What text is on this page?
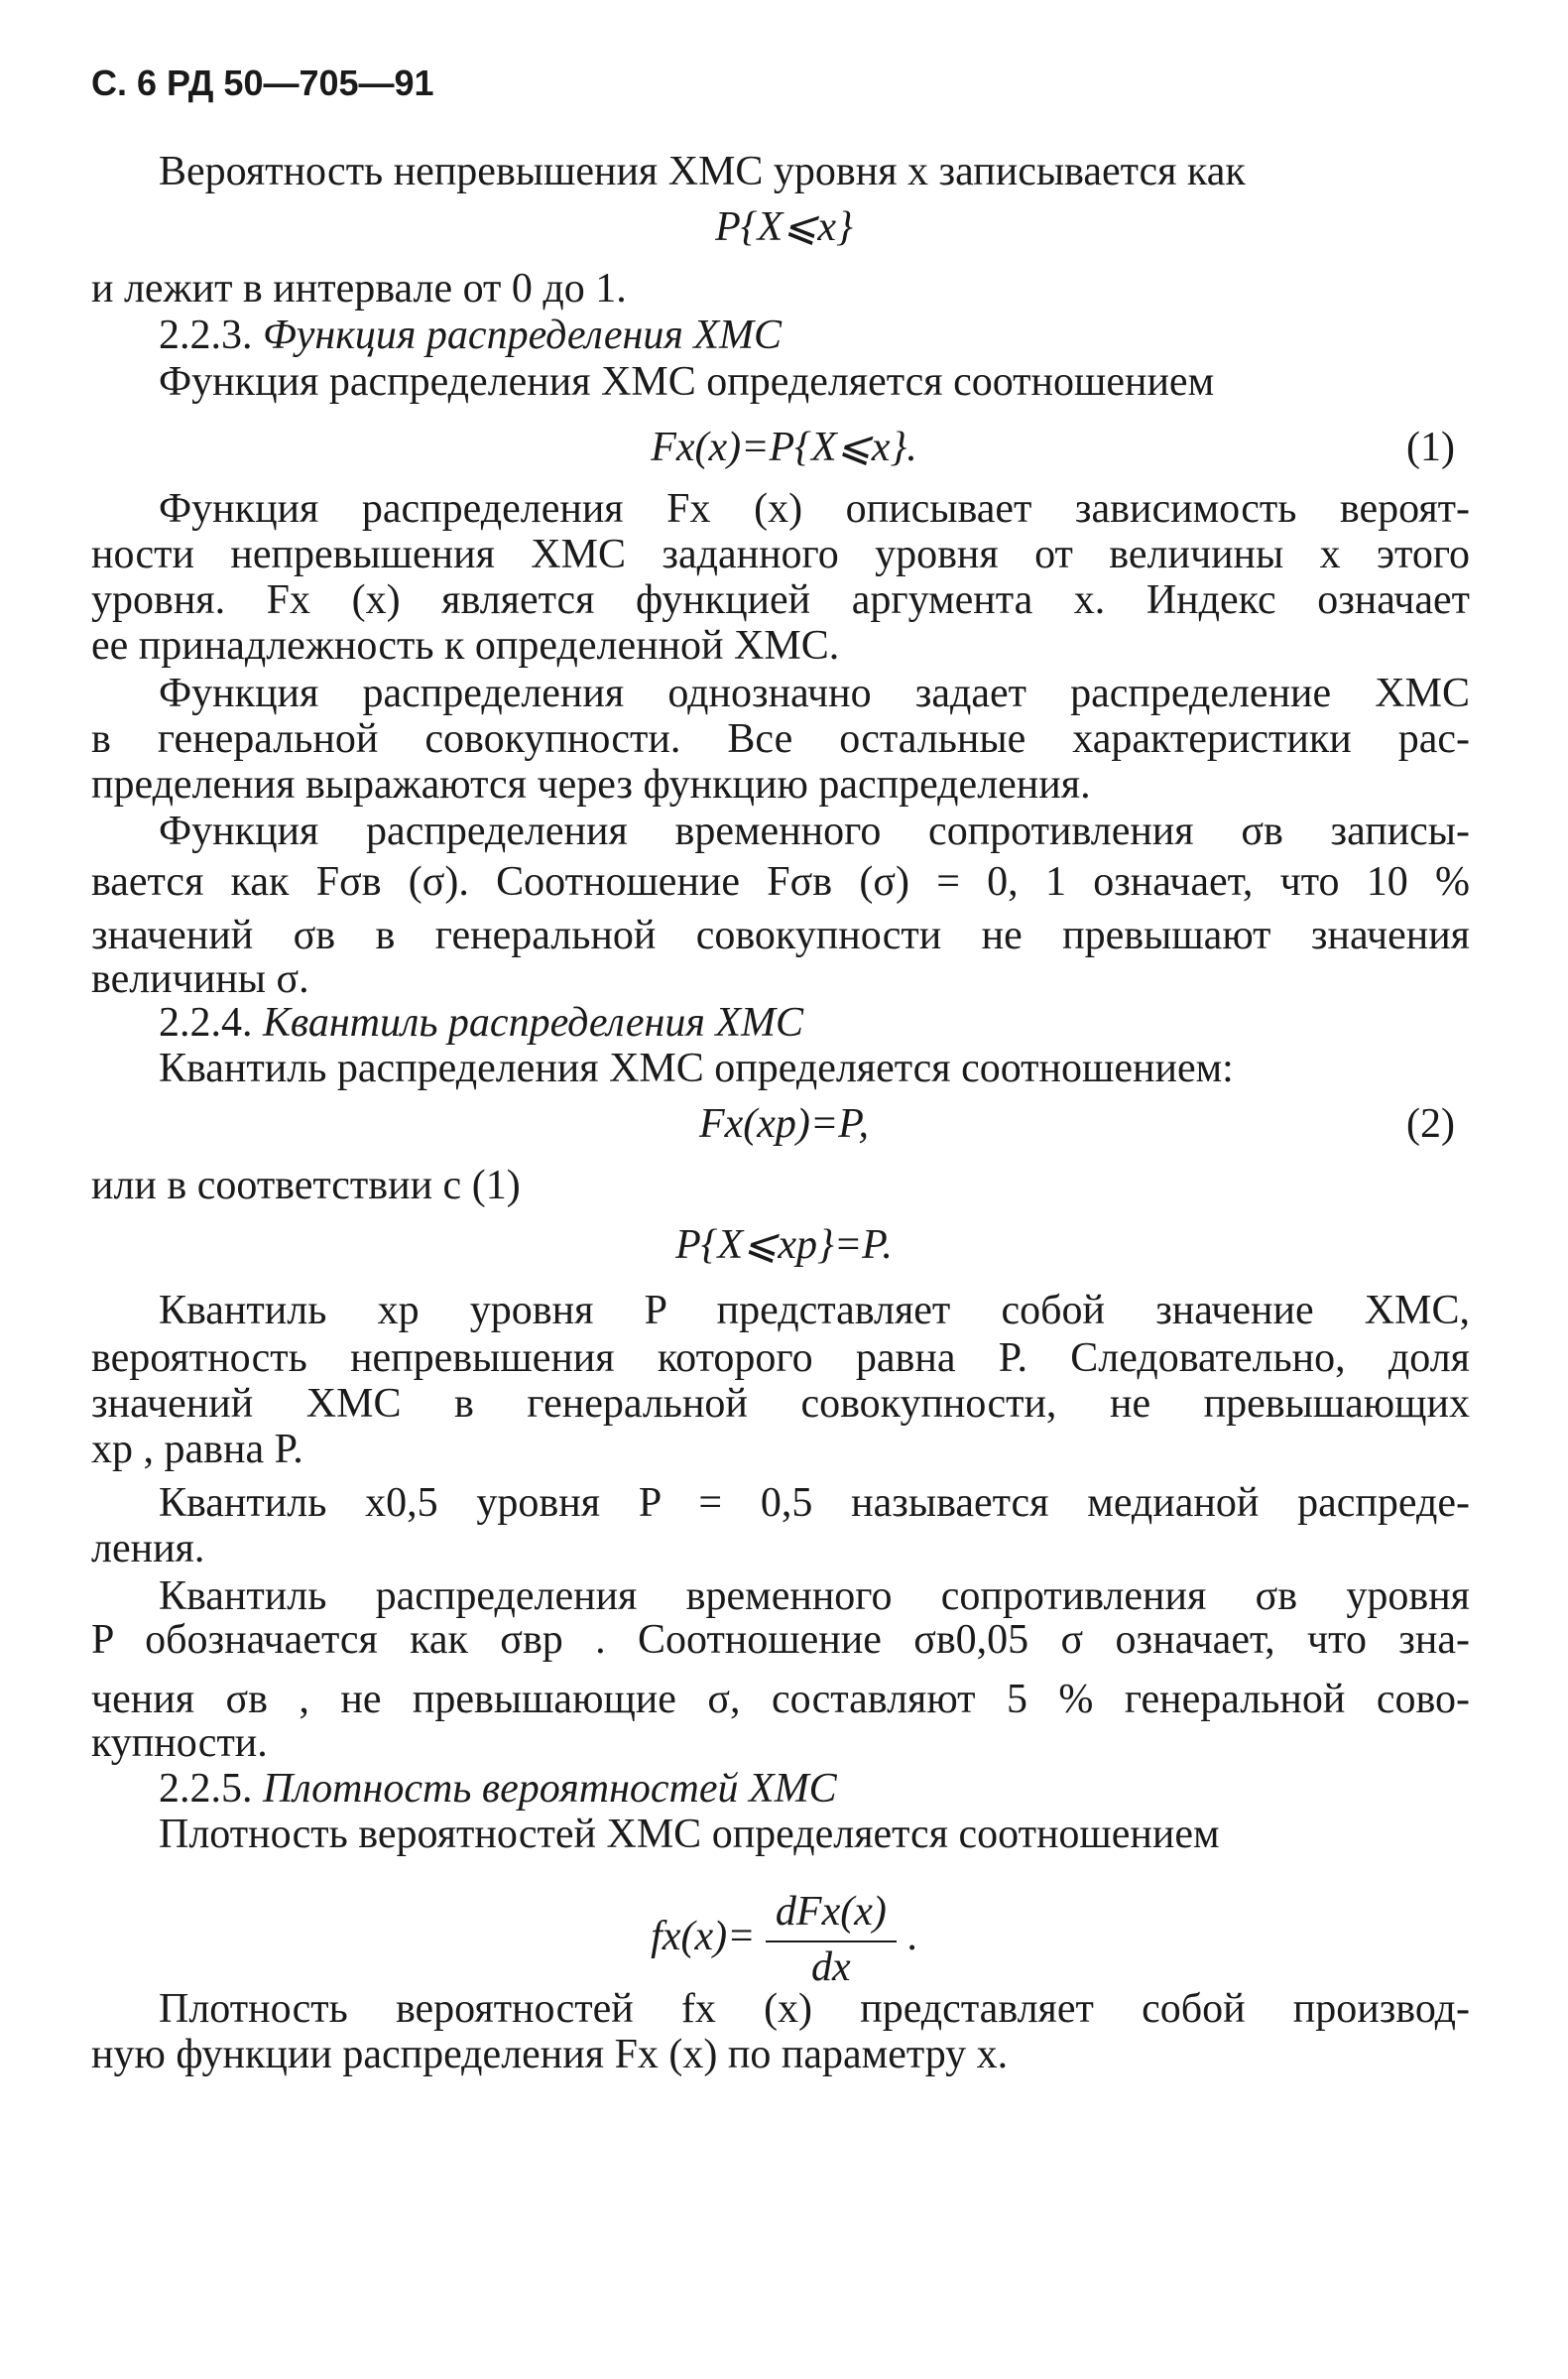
С. 6 РД 50—705—91
Вероятность непревышения ХМС уровня x записывается как
P{X⩽x}
и лежит в интервале от 0 до 1.
2.2.3. Функция распределения ХМС
Функция распределения ХМС определяется соотношением
Fx(x)=P{X⩽x}.	(1)
Функция распределения Fx (x) описывает зависимость вероят-
ности непревышения ХМС заданного уровня от величины x этого
уровня. Fx (x) является функцией аргумента x. Индекс означает
ее принадлежность к определенной ХМС.
Функция распределения однозначно задает распределение ХМС
в генеральной совокупности. Все остальные характеристики рас-
пределения выражаются через функцию распределения.
Функция распределения временного сопротивления σв записы-
вается как Fσв (σ). Соотношение Fσв (σ) = 0, 1 означает, что 10 %
значений σв в генеральной совокупности не превышают значения
величины σ.
2.2.4. Квантиль распределения ХМС
Квантиль распределения ХМС определяется соотношением:
Fx(xp)=P,	(2)
или в соответствии с (1)
P{X⩽xp}=P.
Квантиль xp уровня P представляет собой значение ХМС,
вероятность непревышения которого равна P. Следовательно, доля
значений ХМС в генеральной совокупности, не превышающих
xp , равна P.
Квантиль x0,5 уровня P = 0,5 называется медианой распреде-
ления.
Квантиль распределения временного сопротивления σв уровня
P обозначается как σвp . Соотношение σв0,05 σ означает, что зна-
чения σв , не превышающие σ, составляют 5 % генеральной сово-
купности.
2.2.5. Плотность вероятностей ХМС
Плотность вероятностей ХМС определяется соотношением
$fx(x)= \frac{\text{dFx(x)}}{dx}$ .
Плотность вероятностей fx (x) представляет собой производ-
ную функции распределения Fx (x) по параметру x.
